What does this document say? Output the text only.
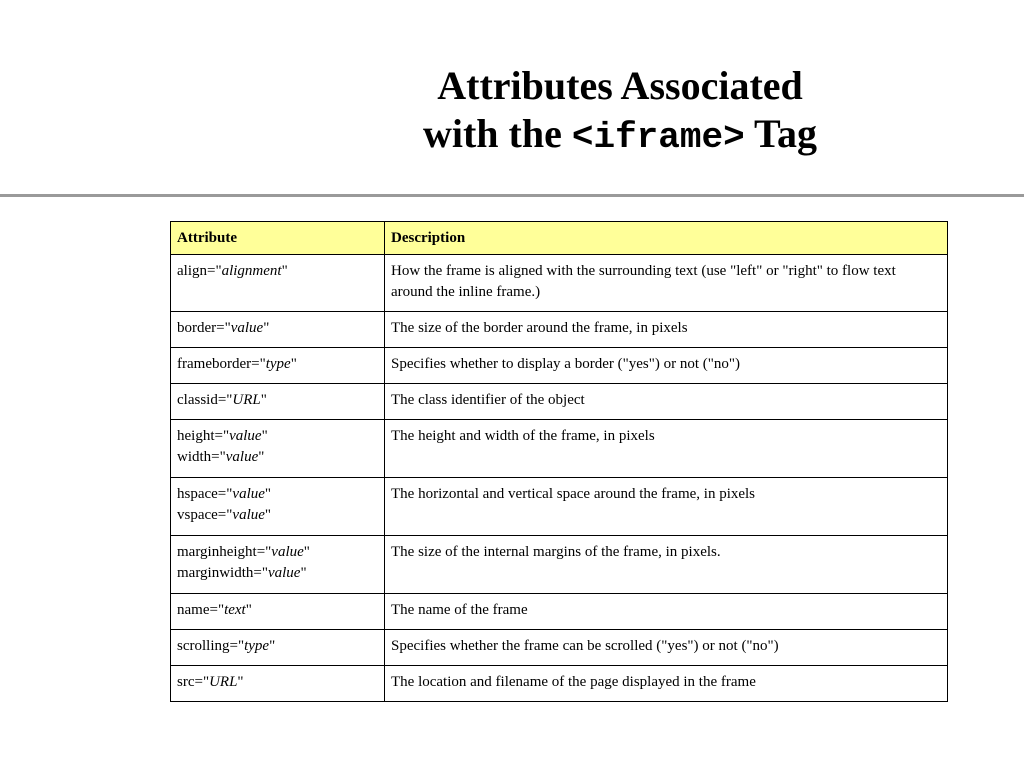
Attributes Associated
with the <iframe> Tag
Attribute	Description

align="alignment"	How the frame is aligned with the surrounding text (use "left" or "right" to flow text around the inline frame.)

border="value"	The size of the border around the frame, in pixels

frameborder="type"	Specifies whether to display a border ("yes") or not ("no")

classid="URL"	The class identifier of the object

height="value"
width="value"	The height and width of the frame, in pixels

hspace="value"
vspace="value"	The horizontal and vertical space around the frame, in pixels

marginheight="value"
marginwidth="value"	The size of the internal margins of the frame, in pixels.

name="text"	The name of the frame

scrolling="type"	Specifies whether the frame can be scrolled ("yes") or not ("no")

src="URL"	The location and filename of the page displayed in the frame
